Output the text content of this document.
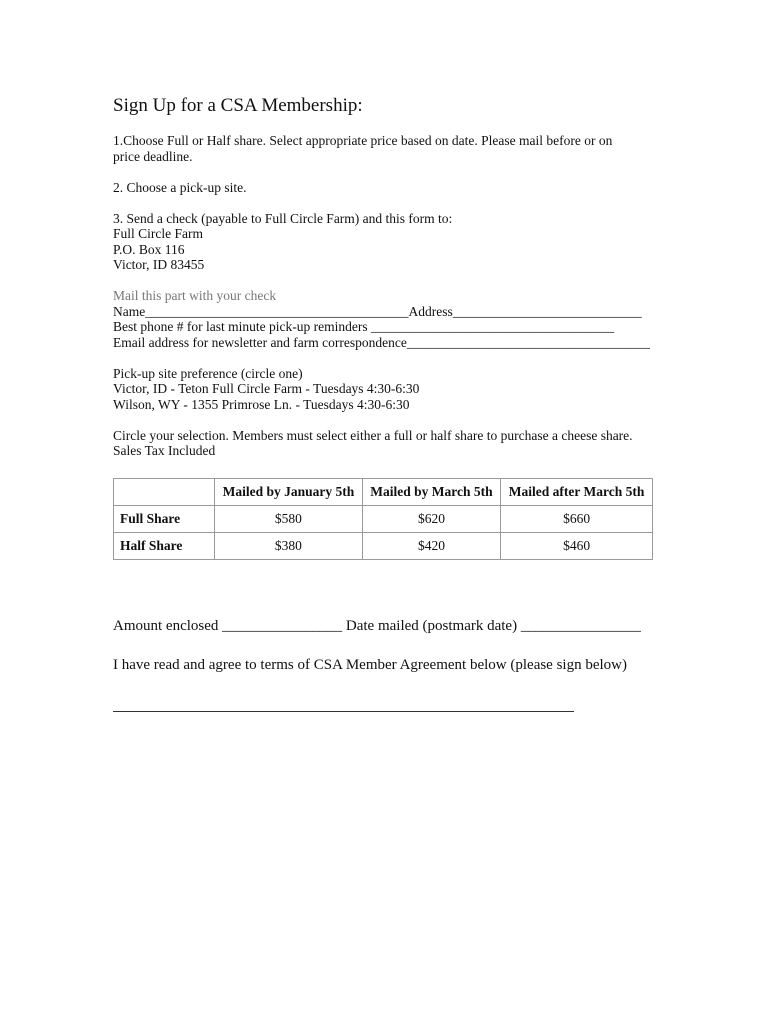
Sign Up for a CSA Membership:
1.Choose Full or Half share. Select appropriate price based on date. Please mail before or on
price deadline.
2. Choose a pick-up site.
3. Send a check (payable to Full Circle Farm) and this form to:
Full Circle Farm
P.O. Box 116
Victor, ID 83455
Mail this part with your check
Name_______________________________________Address____________________________
Best phone # for last minute pick-up reminders ____________________________________
Email address for newsletter and farm correspondence____________________________________
Pick-up site preference (circle one)
Victor, ID - Teton Full Circle Farm - Tuesdays 4:30-6:30
Wilson, WY - 1355 Primrose Ln. - Tuesdays 4:30-6:30
Circle your selection. Members must select either a full or half share to purchase a cheese share.
Sales Tax Included
	Mailed by January 5th	Mailed by March 5th	Mailed after March 5th
Full Share	$580	$620	$660
Half Share	$380	$420	$460
Amount enclosed ________________ Date mailed (postmark date) ________________
I have read and agree to terms of CSA Member Agreement below (please sign below)
